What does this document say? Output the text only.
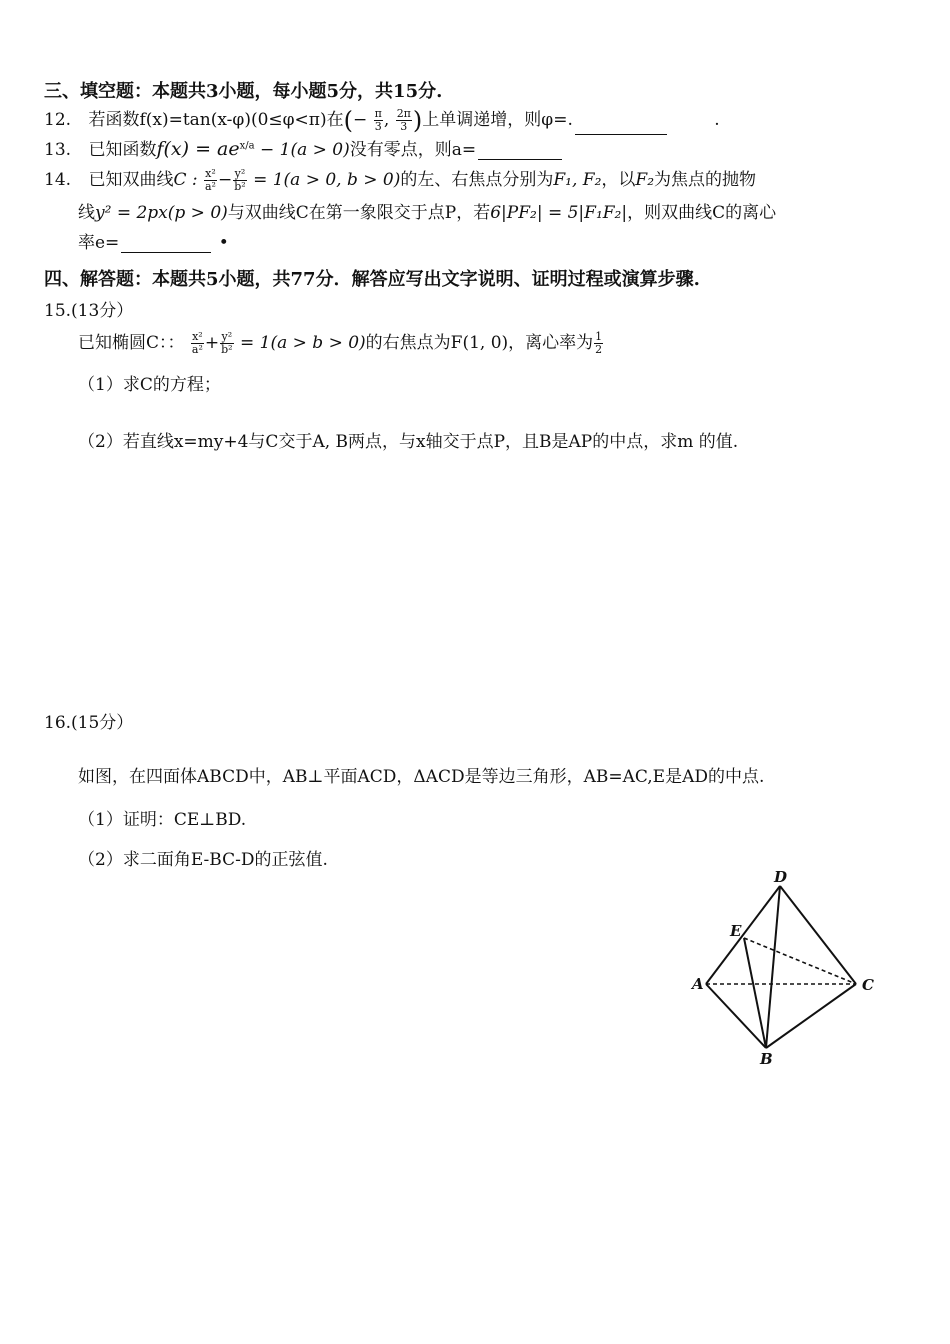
三、填空题：本题共3小题，每小题5分，共15分.
12. 若函数f(x)=tan(x-φ)(0≤φ<π)在(− $\frac{\pi}{3}$ , $\frac{2\pi}{3}$ )上单调递增，则φ=.	.
13. 已知函数$f(x) = ae^{x/a} - 1(a > 0)$没有零点，则a=
14. 已知双曲线C : $\frac{\text{x²}}{\text{a²}} - \frac{\text{y²}}{\text{b²}} = 1(a > 0$, b > 0)的左、右焦点分别为F₁, F₂，以F₂为焦点的抛物
线y² = 2px(p > 0)与双曲线C在第一象限交于点P，若6|PF₂| = 5|F₁F₂|，则双曲线C的离心
率e=	•
四、解答题：本题共5小题，共77分．解答应写出文字说明、证明过程或演算步骤.
15.(13分）
已知椭圆C：： $\frac{\text{x²}}{\text{a²}} + \frac{\text{y²}}{\text{b²}} = 1(a > b > 0)$的右焦点为F(1, 0)，离心率为 $\frac{1}{2}$
（1）求C的方程；
（2）若直线x=my+4与C交于A, B两点，与x轴交于点P，且B是AP的中点，求m 的值.
16.(15分）
如图，在四面体ABCD中，AB⊥平面ACD，ΔACD是等边三角形，AB=AC,E是AD的中点.
（1）证明：CE⊥BD.
（2）求二面角E-BC-D的正弦值.
D
E
A	C
B
